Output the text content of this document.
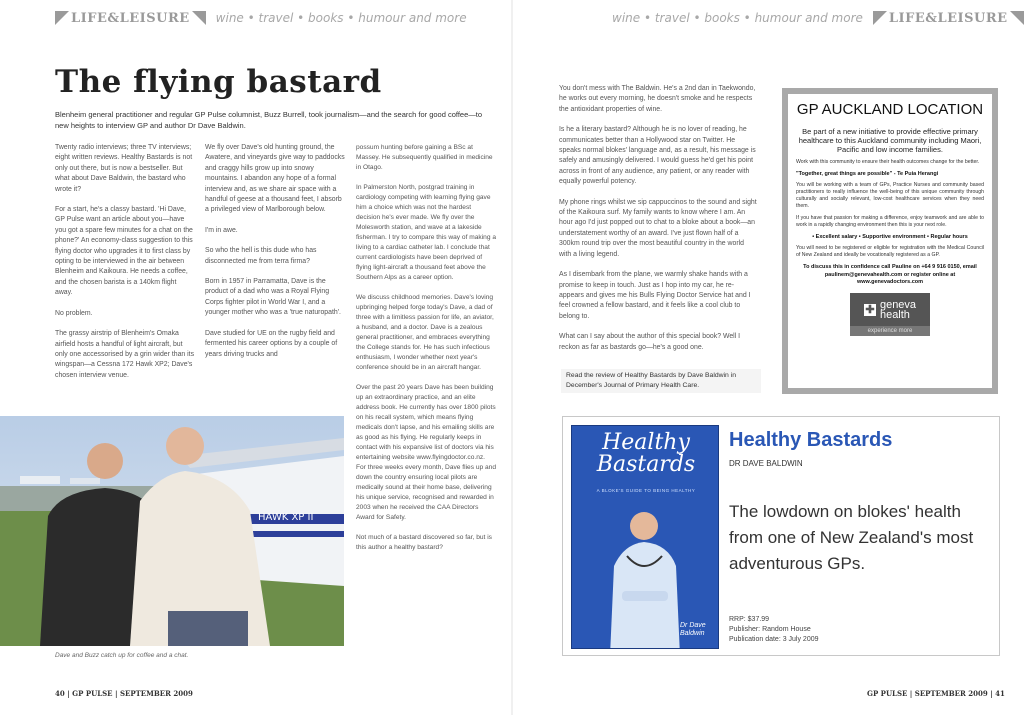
LIFE&LEISURE wine • travel • books • humour and more
The flying bastard
Blenheim general practitioner and regular GP Pulse columnist, Buzz Burrell, took journalism—and the search for good coffee—to new heights to interview GP and author Dr Dave Baldwin.

Twenty radio interviews; three TV interviews; eight written reviews. Healthy Bastards is not only out there, but is now a bestseller. But what about Dave Baldwin, the bastard who wrote it?

For a start, he's a classy bastard. 'Hi Dave, GP Pulse want an article about you—have you got a spare few minutes for a chat on the phone?' An economy-class suggestion to this flying doctor who upgrades it to first class by opting to be interviewed in the air between Blenheim and Kaikoura. He needs a coffee, and the chosen barista is a 140km flight away.

No problem.

The grassy airstrip of Blenheim's Omaka airfield hosts a handful of light aircraft, but only one accessorised by a grin wider than its wingspan—a Cessna 172 Hawk XP2; Dave's chosen interview venue.

We fly over Dave's old hunting ground, the Awatere, and vineyards give way to paddocks and craggy hills grow up into snowy mountains. I abandon any hope of a formal interview and, as we share air space with a handful of geese at a thousand feet, I absorb a privileged view of Marlborough below.

I'm in awe.

So who the hell is this dude who has disconnected me from terra firma?

Born in 1957 in Parramatta, Dave is the product of a dad who was a Royal Flying Corps fighter pilot in World War I, and a younger mother who was a 'true naturopath'.

Dave studied for UE on the rugby field and fermented his career options by a couple of years driving trucks and

possum hunting before gaining a BSc at Massey. He subsequently qualified in medicine in Otago.

In Palmerston North, postgrad training in cardiology competing with learning flying gave him a choice which was not the hardest decision he's ever made. We fly over the Molesworth station, and wave at a lakeside fisherman. I try to compare this way of making a living to a cardiac catheter lab. I conclude that current cardiologists have been deprived of flying light-aircraft a thousand feet above the Southern Alps as a career option.

We discuss childhood memories. Dave's loving upbringing helped forge today's Dave, a dad of three with a limitless passion for life, an aviator, a husband, and a doctor. Dave is a zealous general practitioner, and embraces everything the College stands for. He has such infectious enthusiasm, I wonder whether next year's conference should be in an aircraft hangar.

Over the past 20 years Dave has been building up an extraordinary practice, and an elite address book. He currently has over 1800 pilots on his recall system, which means flying medicals don't lapse, and his emailing skills are as good as his flying. He regularly keeps in contact with his expansive list of doctors via his entertaining website www.flyingdoctor.co.nz. For three weeks every month, Dave flies up and down the country ensuring local pilots are medically sound at their home base, delivering his unique service, recognised and rewarded in 2003 when he received the CAA Directors Award for Safety.

Not much of a bastard discovered so far, but is this author a healthy bastard?

HAWK XP II
Dave and Buzz catch up for coffee and a chat.
40 | GP PULSE | SEPTEMBER 2009
wine • travel • books • humour and more LIFE&LEISURE

You don't mess with The Baldwin. He's a 2nd dan in Taekwondo, he works out every morning, he doesn't smoke and he respects the antioxidant properties of wine.

Is he a literary bastard? Although he is no lover of reading, he communicates better than a Hollywood star on Twitter. He speaks normal blokes' language and, as a result, his message is safely and amusingly delivered. I would guess he'd get his point across in front of any audience, any patient, or any reader with equally powerful potency.

My phone rings whilst we sip cappuccinos to the sound and sight of the Kaikoura surf. My family wants to know where I am. An hour ago I'd just popped out to chat to a bloke about a book—an understatement worthy of an award. I've just flown half of a 300km round trip over the most beautiful country in the world with a living legend.

As I disembark from the plane, we warmly shake hands with a promise to keep in touch. Just as I hop into my car, he re-appears and gives me his Bulls Flying Doctor Service hat and I feel crowned a fellow bastard, and it feels like a cool club to belong to.

What can I say about the author of this special book? Well I reckon as far as bastards go—he's a good one.

GP PULSE | SEPTEMBER 2009 | 41
Read the review of Healthy Bastards by Dave Baldwin in December's Journal of Primary Health Care.
GP AUCKLAND LOCATION
Be part of a new initiative to provide effective primary healthcare to this Auckland community including Maori, Pacific and low income families.
Work with this community to ensure their health outcomes change for the better.
"Together, great things are possible" - Te Puia Herangi
You will be working with a team of GPs, Practice Nurses and community based practitioners to really influence the well-being of this unique community through culturally and socially relevant, low-cost healthcare services when they need them.
If you have that passion for making a difference, enjoy teamwork and are able to work in a rapidly changing environment then this is your next role.
• Excellent salary • Supportive environment • Regular hours
You will need to be registered or eligible for registration with the Medical Council of New Zealand and ideally be vocationally registered as a GP.
To discuss this in confidence call Pauline on +64 9 916 0150, email paulinem@genevahealth.com or register online at www.genevadoctors.com
✚ geneva
health
experience more
Healthy Bastards
A BLOKE'S GUIDE TO BEING HEALTHY
Dr Dave
Baldwin
Healthy Bastards
DR DAVE BALDWIN
The lowdown on blokes' health from one of New Zealand's most adventurous GPs.
RRP: $37.99
Publisher: Random House
Publication date: 3 July 2009
